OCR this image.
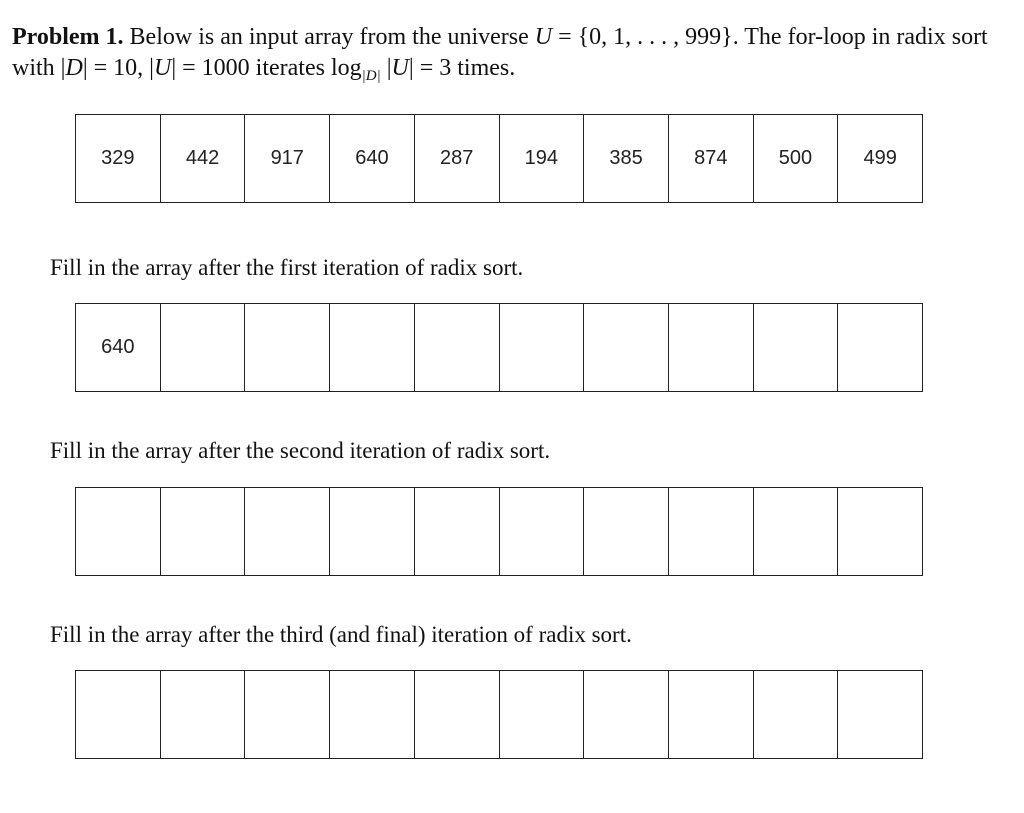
Problem 1. Below is an input array from the universe U = {0, 1, . . . , 999}. The for-loop in radix sort with |D| = 10, |U| = 1000 iterates $\log_{|D|} |U| = 3$ times.
329	442	917	640	287	194	385	874	500	499
Fill in the array after the first iteration of radix sort.
640
Fill in the array after the second iteration of radix sort.
Fill in the array after the third (and final) iteration of radix sort.
